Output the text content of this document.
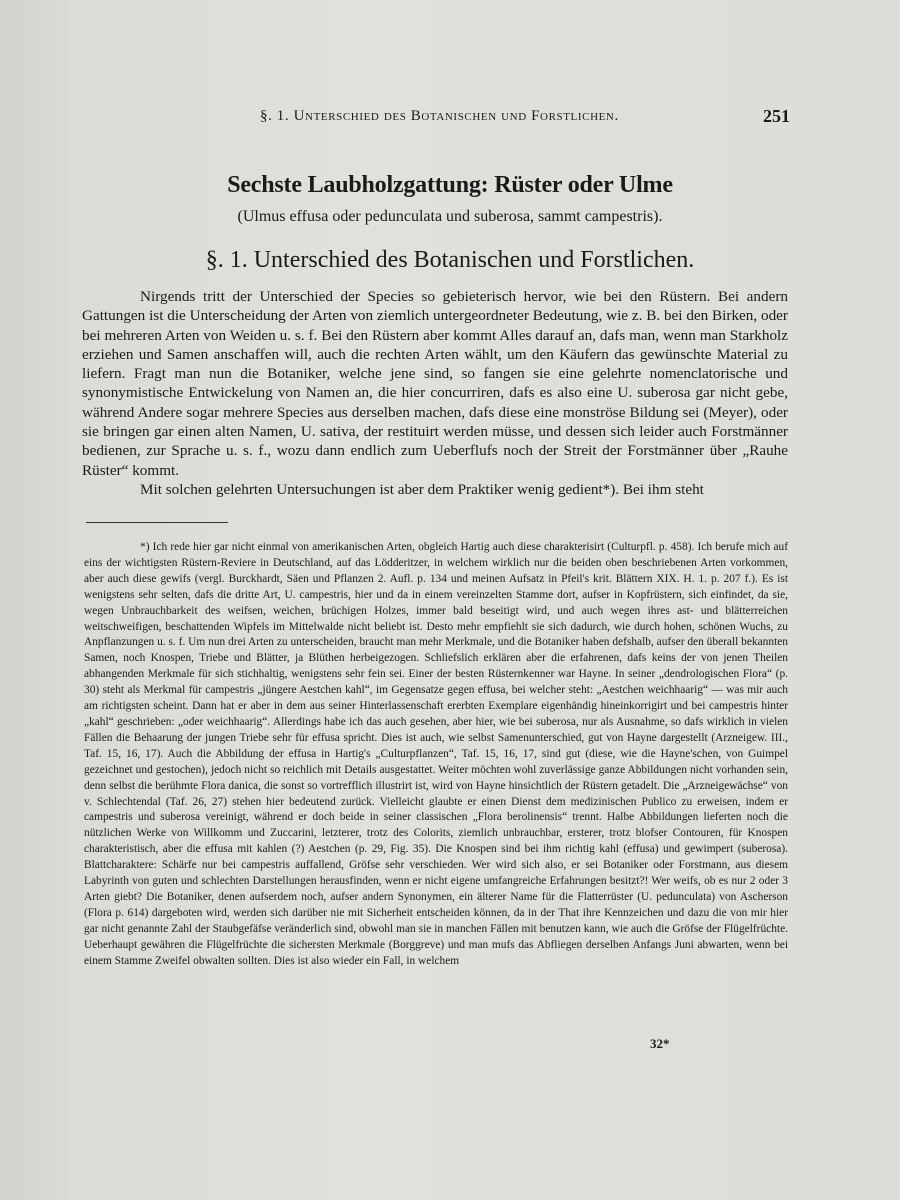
§. 1. Unterschied des Botanischen und Forstlichen.	251
Sechste Laubholzgattung: Rüster oder Ulme
(Ulmus effusa oder pedunculata und suberosa, sammt campestris).
§. 1. Unterschied des Botanischen und Forstlichen.

Nirgends tritt der Unterschied der Species so gebieterisch hervor, wie bei den Rüstern. Bei andern Gattungen ist die Unterscheidung der Arten von ziemlich untergeordneter Bedeutung, wie z. B. bei den Birken, oder bei mehreren Arten von Weiden u. s. f. Bei den Rüstern aber kommt Alles darauf an, dafs man, wenn man Starkholz erziehen und Samen anschaffen will, auch die rechten Arten wählt, um den Käufern das gewünschte Material zu liefern. Fragt man nun die Botaniker, welche jene sind, so fangen sie eine gelehrte nomenclatorische und synonymistische Entwickelung von Namen an, die hier concurriren, dafs es also eine U. suberosa gar nicht gebe, während Andere sogar mehrere Species aus derselben machen, dafs diese eine monströse Bildung sei (Meyer), oder sie bringen gar einen alten Namen, U. sativa, der restituirt werden müsse, und dessen sich leider auch Forstmänner bedienen, zur Sprache u. s. f., wozu dann endlich zum Ueberflufs noch der Streit der Forstmänner über „Rauhe Rüster“ kommt.

Mit solchen gelehrten Untersuchungen ist aber dem Praktiker wenig gedient*). Bei ihm steht

*) Ich rede hier gar nicht einmal von amerikanischen Arten, obgleich Hartig auch diese charakterisirt (Culturpfl. p. 458). Ich berufe mich auf eins der wichtigsten Rüstern-Reviere in Deutschland, auf das Lödderitzer, in welchem wirklich nur die beiden oben beschriebenen Arten vorkommen, aber auch diese gewifs (vergl. Burckhardt, Säen und Pflanzen 2. Aufl. p. 134 und meinen Aufsatz in Pfeil's krit. Blättern XIX. H. 1. p. 207 f.). Es ist wenigstens sehr selten, dafs die dritte Art, U. campestris, hier und da in einem vereinzelten Stamme dort, aufser in Kopfrüstern, sich einfindet, da sie, wegen Unbrauchbarkeit des weifsen, weichen, brüchigen Holzes, immer bald beseitigt wird, und auch wegen ihres ast- und blätterreichen weitschweifigen, beschattenden Wipfels im Mittelwalde nicht beliebt ist. Desto mehr empfiehlt sie sich dadurch, wie durch hohen, schönen Wuchs, zu Anpflanzungen u. s. f. Um nun drei Arten zu unterscheiden, braucht man mehr Merkmale, und die Botaniker haben defshalb, aufser den überall bekannten Samen, noch Knospen, Triebe und Blätter, ja Blüthen herbeigezogen. Schliefslich erklären aber die erfahrenen, dafs keins der von jenen Theilen abhangenden Merkmale für sich stichhaltig, wenigstens sehr fein sei. Einer der besten Rüsternkenner war Hayne. In seiner „dendrologischen Flora“ (p. 30) steht als Merkmal für campestris „jüngere Aestchen kahl“, im Gegensatze gegen effusa, bei welcher steht: „Aestchen weichhaarig“ — was mir auch am richtigsten scheint. Dann hat er aber in dem aus seiner Hinterlassenschaft ererbten Exemplare eigenhändig hineinkorrigirt und bei campestris hinter „kahl“ geschrieben: „oder weichhaarig“. Allerdings habe ich das auch gesehen, aber hier, wie bei suberosa, nur als Ausnahme, so dafs wirklich in vielen Fällen die Behaarung der jungen Triebe sehr für effusa spricht. Dies ist auch, wie selbst Samenunterschied, gut von Hayne dargestellt (Arzneigew. III., Taf. 15, 16, 17). Auch die Abbildung der effusa in Hartig's „Culturpflanzen“, Taf. 15, 16, 17, sind gut (diese, wie die Hayne'schen, von Guimpel gezeichnet und gestochen), jedoch nicht so reichlich mit Details ausgestattet. Weiter möchten wohl zuverlässige ganze Abbildungen nicht vorhanden sein, denn selbst die berühmte Flora danica, die sonst so vortrefflich illustrirt ist, wird von Hayne hinsichtlich der Rüstern getadelt. Die „Arzneigewächse“ von v. Schlechtendal (Taf. 26, 27) stehen hier bedeutend zurück. Vielleicht glaubte er einen Dienst dem medizinischen Publico zu erweisen, indem er campestris und suberosa vereinigt, während er doch beide in seiner classischen „Flora berolinensis“ trennt. Halbe Abbildungen lieferten noch die nützlichen Werke von Willkomm und Zuccarini, letzterer, trotz des Colorits, ziemlich unbrauchbar, ersterer, trotz blofser Contouren, für Knospen charakteristisch, aber die effusa mit kahlen (?) Aestchen (p. 29, Fig. 35). Die Knospen sind bei ihm richtig kahl (effusa) und gewimpert (suberosa). Blattcharaktere: Schärfe nur bei campestris auffallend, Gröfse sehr verschieden. Wer wird sich also, er sei Botaniker oder Forstmann, aus diesem Labyrinth von guten und schlechten Darstellungen herausfinden, wenn er nicht eigene umfangreiche Erfahrungen besitzt?! Wer weifs, ob es nur 2 oder 3 Arten giebt? Die Botaniker, denen aufserdem noch, aufser andern Synonymen, ein älterer Name für die Flatterrüster (U. pedunculata) von Ascherson (Flora p. 614) dargeboten wird, werden sich darüber nie mit Sicherheit entscheiden können, da in der That ihre Kennzeichen und dazu die von mir hier gar nicht genannte Zahl der Staubgefäfse veränderlich sind, obwohl man sie in manchen Fällen mit benutzen kann, wie auch die Gröfse der Flügelfrüchte. Ueberhaupt gewähren die Flügelfrüchte die sichersten Merkmale (Borggreve) und man mufs das Abfliegen derselben Anfangs Juni abwarten, wenn bei einem Stamme Zweifel obwalten sollten. Dies ist also wieder ein Fall, in welchem

32*
